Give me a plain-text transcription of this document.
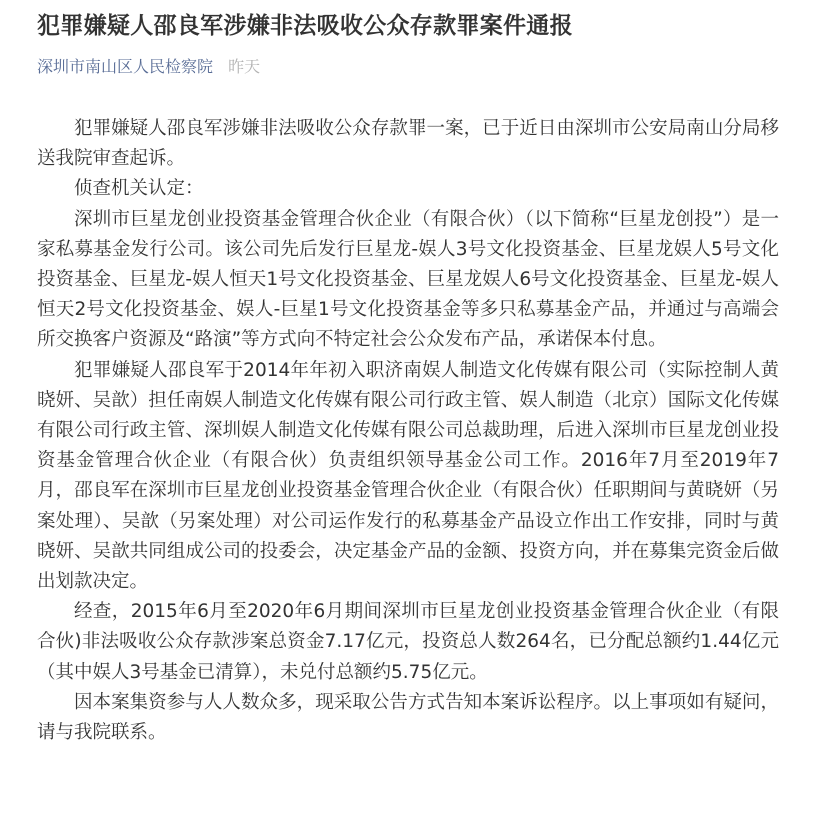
犯罪嫌疑人邵良军涉嫌非法吸收公众存款罪案件通报
深圳市南山区人民检察院 昨天

犯罪嫌疑人邵良军涉嫌非法吸收公众存款罪一案，已于近日由深圳市公安局南山分局移送我院审查起诉。

侦查机关认定：

深圳市巨星龙创业投资基金管理合伙企业（有限合伙）（以下简称“巨星龙创投”）是一家私募基金发行公司。该公司先后发行巨星龙-娱人3号文化投资基金、巨星龙娱人5号文化投资基金、巨星龙-娱人恒天1号文化投资基金、巨星龙娱人6号文化投资基金、巨星龙-娱人恒天2号文化投资基金、娱人-巨星1号文化投资基金等多只私募基金产品，并通过与高端会所交换客户资源及“路演”等方式向不特定社会公众发布产品，承诺保本付息。

犯罪嫌疑人邵良军于2014年年初入职济南娱人制造文化传媒有限公司（实际控制人黄晓妍、吴歆）担任南娱人制造文化传媒有限公司行政主管、娱人制造（北京）国际文化传媒有限公司行政主管、深圳娱人制造文化传媒有限公司总裁助理，后进入深圳市巨星龙创业投资基金管理合伙企业（有限合伙）负责组织领导基金公司工作。2016年7月至2019年7月，邵良军在深圳市巨星龙创业投资基金管理合伙企业（有限合伙）任职期间与黄晓妍（另案处理）、吴歆（另案处理）对公司运作发行的私募基金产品设立作出工作安排，同时与黄晓妍、吴歆共同组成公司的投委会，决定基金产品的金额、投资方向，并在募集完资金后做出划款决定。

经查，2015年6月至2020年6月期间深圳市巨星龙创业投资基金管理合伙企业（有限合伙)非法吸收公众存款涉案总资金7.17亿元，投资总人数264名，已分配总额约1.44亿元（其中娱人3号基金已清算），未兑付总额约5.75亿元。

因本案集资参与人人数众多，现采取公告方式告知本案诉讼程序。以上事项如有疑问，请与我院联系。
